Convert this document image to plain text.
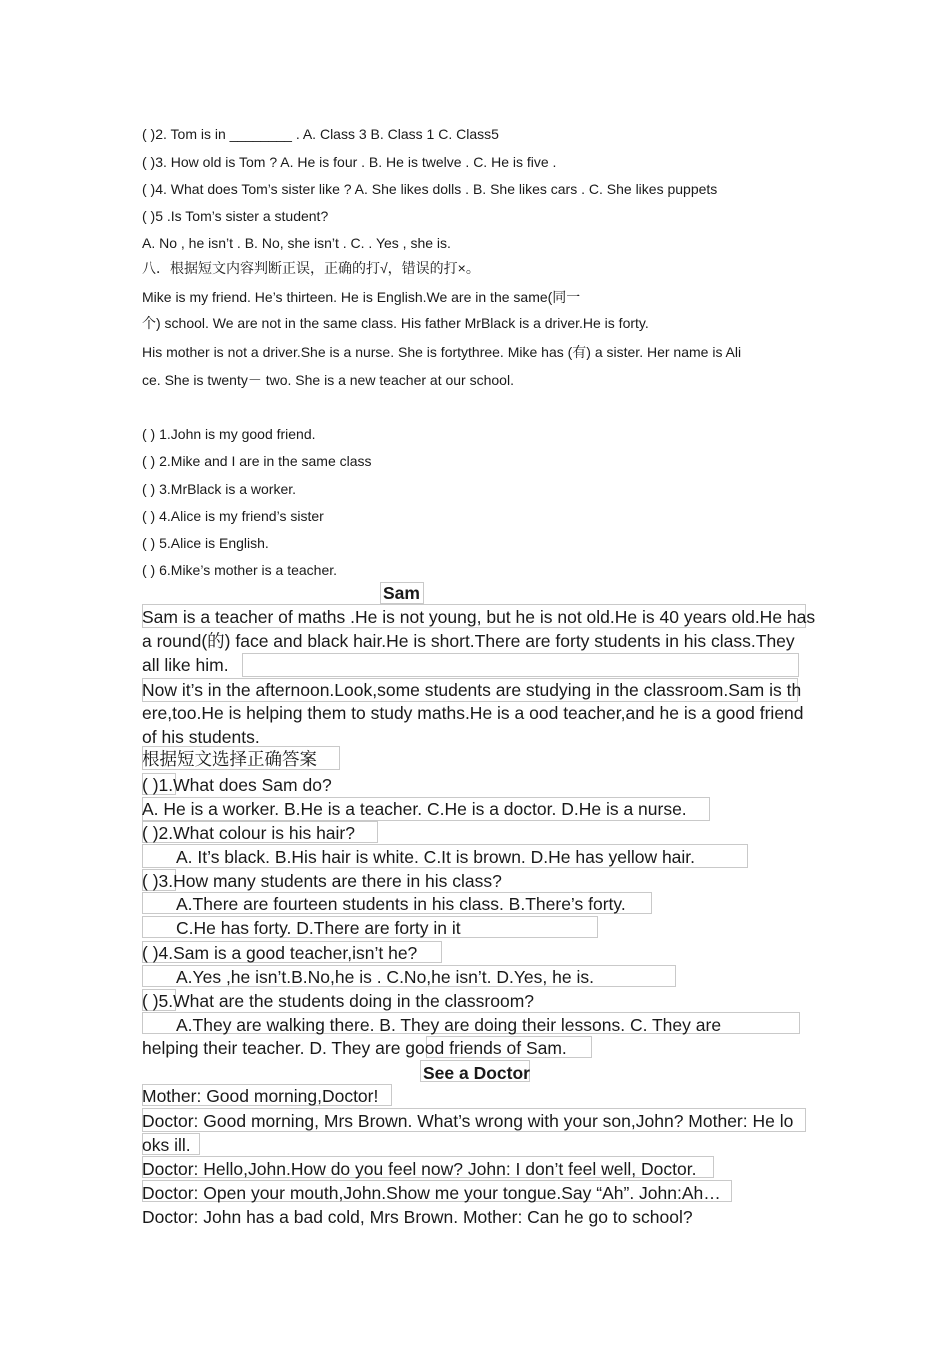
( )2. Tom is in ________ . A. Class 3 B. Class 1 C. Class5
( )3. How old is Tom ? A. He is four . B. He is twelve . C. He is five .
( )4. What does Tom’s sister like ? A. She likes dolls . B. She likes cars . C. She likes puppets
( )5 .Is Tom’s sister a student?
A. No , he isn’t . B. No, she isn’t . C. . Yes , she is.
八．根据短文内容判断正误，正确的打√，错误的打×。
Mike is my friend. He’s thirteen. He is English.We are in the same(同一
个) school. We are not in the same class. His father MrBlack is a driver.He is forty.
His mother is not a driver.She is a nurse. She is fortythree. Mike has (有) a sister. Her name is Ali
ce. She is twenty－ two. She is a new teacher at our school.
( ) 1.John is my good friend.
( ) 2.Mike and I are in the same class
( ) 3.MrBlack is a worker.
( ) 4.Alice is my friend’s sister
( ) 5.Alice is English.
( ) 6.Mike’s mother is a teacher.
Sam
Sam is a teacher of maths .He is not young, but he is not old.He is 40 years old.He has
a round(的) face and black hair.He is short.There are forty students in his class.They
all like him.
Now it’s in the afternoon.Look,some students are studying in the classroom.Sam is th
ere,too.He is helping them to study maths.He is a ood teacher,and he is a good friend
of his students.
根据短文选择正确答案
( )1.What does Sam do?
A. He is a worker. B.He is a teacher. C.He is a doctor. D.He is a nurse.
( )2.What colour is his hair?
A. It’s black. B.His hair is white. C.It is brown. D.He has yellow hair.
( )3.How many students are there in his class?
A.There are fourteen students in his class. B.There’s forty.
C.He has forty. D.There are forty in it
( )4.Sam is a good teacher,isn’t he?
A.Yes ,he isn’t.B.No,he is . C.No,he isn’t. D.Yes, he is.
( )5.What are the students doing in the classroom?
A.They are walking there. B. They are doing their lessons. C. They are
helping their teacher. D. They are good friends of Sam.
See a Doctor
Mother: Good morning,Doctor!
Doctor: Good morning, Mrs Brown. What’s wrong with your son,John? Mother: He lo
oks ill.
Doctor: Hello,John.How do you feel now? John: I don’t feel well, Doctor.
Doctor: Open your mouth,John.Show me your tongue.Say “Ah”. John:Ah…
Doctor: John has a bad cold, Mrs Brown. Mother: Can he go to school?
